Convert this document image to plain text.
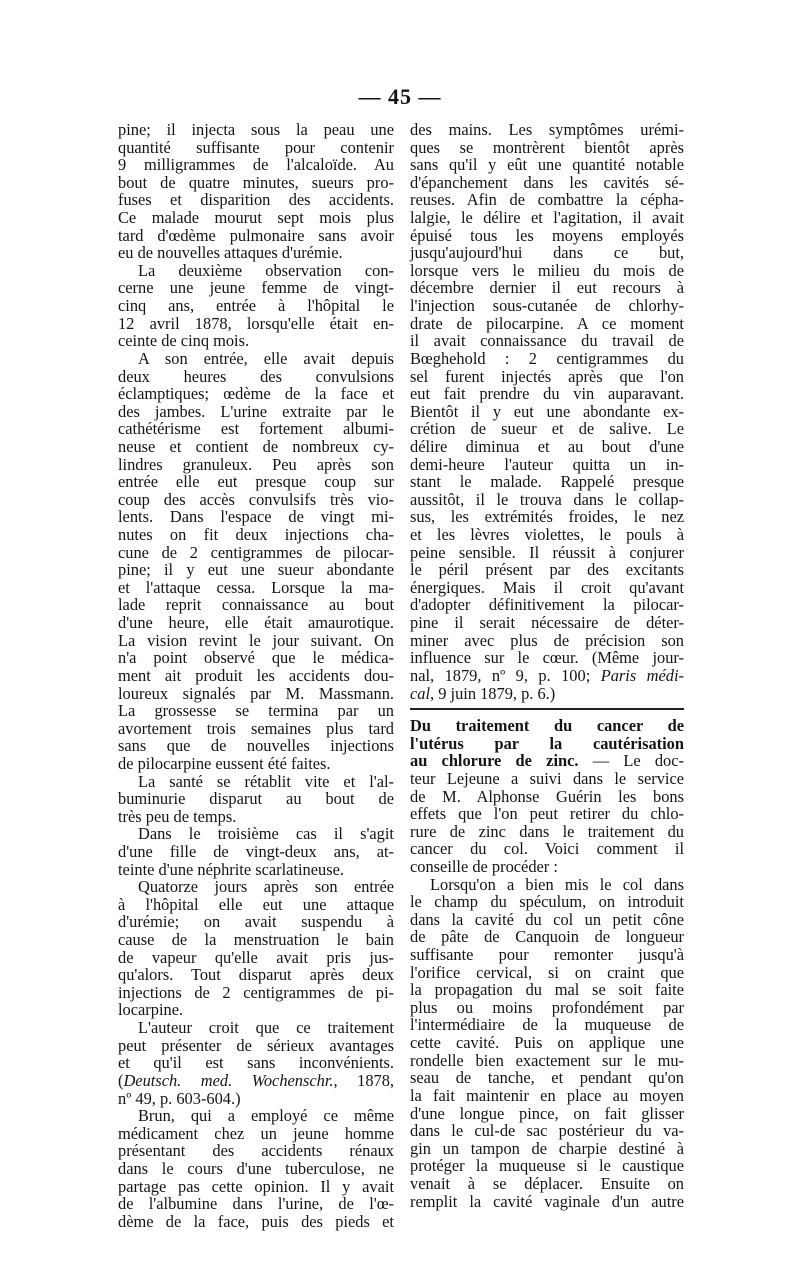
— 45 —
pine; il injecta sous la peau une
quantité suffisante pour contenir
9 milligrammes de l'alcaloïde. Au
bout de quatre minutes, sueurs pro-
fuses et disparition des accidents.
Ce malade mourut sept mois plus
tard d'œdème pulmonaire sans avoir
eu de nouvelles attaques d'urémie.
La deuxième observation con-
cerne une jeune femme de vingt-
cinq ans, entrée à l'hôpital le
12 avril 1878, lorsqu'elle était en-
ceinte de cinq mois.
A son entrée, elle avait depuis
deux heures des convulsions
éclamptiques; œdème de la face et
des jambes. L'urine extraite par le
cathétérisme est fortement albumi-
neuse et contient de nombreux cy-
lindres granuleux. Peu après son
entrée elle eut presque coup sur
coup des accès convulsifs très vio-
lents. Dans l'espace de vingt mi-
nutes on fit deux injections cha-
cune de 2 centigrammes de pilocar-
pine; il y eut une sueur abondante
et l'attaque cessa. Lorsque la ma-
lade reprit connaissance au bout
d'une heure, elle était amaurotique.
La vision revint le jour suivant. On
n'a point observé que le médica-
ment ait produit les accidents dou-
loureux signalés par M. Massmann.
La grossesse se termina par un
avortement trois semaines plus tard
sans que de nouvelles injections
de pilocarpine eussent été faites.
La santé se rétablit vite et l'al-
buminurie disparut au bout de
très peu de temps.
Dans le troisième cas il s'agit
d'une fille de vingt-deux ans, at-
teinte d'une néphrite scarlatineuse.
Quatorze jours après son entrée
à l'hôpital elle eut une attaque
d'urémie; on avait suspendu à
cause de la menstruation le bain
de vapeur qu'elle avait pris jus-
qu'alors. Tout disparut après deux
injections de 2 centigrammes de pi-
locarpine.
L'auteur croit que ce traitement
peut présenter de sérieux avantages
et qu'il est sans inconvénients.
(Deutsch. med. Wochenschr., 1878,
nº 49, p. 603-604.)
Brun, qui a employé ce même
médicament chez un jeune homme
présentant des accidents rénaux
dans le cours d'une tuberculose, ne
partage pas cette opinion. Il y avait
de l'albumine dans l'urine, de l'œ-
dème de la face, puis des pieds et
des mains. Les symptômes urémi-
ques se montrèrent bientôt après
sans qu'il y eût une quantité notable
d'épanchement dans les cavités sé-
reuses. Afin de combattre la cépha-
lalgie, le délire et l'agitation, il avait
épuisé tous les moyens employés
jusqu'aujourd'hui dans ce but,
lorsque vers le milieu du mois de
décembre dernier il eut recours à
l'injection sous-cutanée de chlorhy-
drate de pilocarpine. A ce moment
il avait connaissance du travail de
Bœghehold : 2 centigrammes du
sel furent injectés après que l'on
eut fait prendre du vin auparavant.
Bientôt il y eut une abondante ex-
crétion de sueur et de salive. Le
délire diminua et au bout d'une
demi-heure l'auteur quitta un in-
stant le malade. Rappelé presque
aussitôt, il le trouva dans le collap-
sus, les extrémités froides, le nez
et les lèvres violettes, le pouls à
peine sensible. Il réussit à conjurer
le péril présent par des excitants
énergiques. Mais il croit qu'avant
d'adopter définitivement la pilocar-
pine il serait nécessaire de déter-
miner avec plus de précision son
influence sur le cœur. (Même jour-
nal, 1879, nº 9, p. 100; Paris médi-
cal, 9 juin 1879, p. 6.)
Du traitement du cancer de
l'utérus par la cautérisation
au chlorure de zinc. — Le doc-
teur Lejeune a suivi dans le service
de M. Alphonse Guérin les bons
effets que l'on peut retirer du chlo-
rure de zinc dans le traitement du
cancer du col. Voici comment il
conseille de procéder :
Lorsqu'on a bien mis le col dans
le champ du spéculum, on introduit
dans la cavité du col un petit cône
de pâte de Canquoin de longueur
suffisante pour remonter jusqu'à
l'orifice cervical, si on craint que
la propagation du mal se soit faite
plus ou moins profondément par
l'intermédiaire de la muqueuse de
cette cavité. Puis on applique une
rondelle bien exactement sur le mu-
seau de tanche, et pendant qu'on
la fait maintenir en place au moyen
d'une longue pince, on fait glisser
dans le cul-de sac postérieur du va-
gin un tampon de charpie destiné à
protéger la muqueuse si le caustique
venait à se déplacer. Ensuite on
remplit la cavité vaginale d'un autre
